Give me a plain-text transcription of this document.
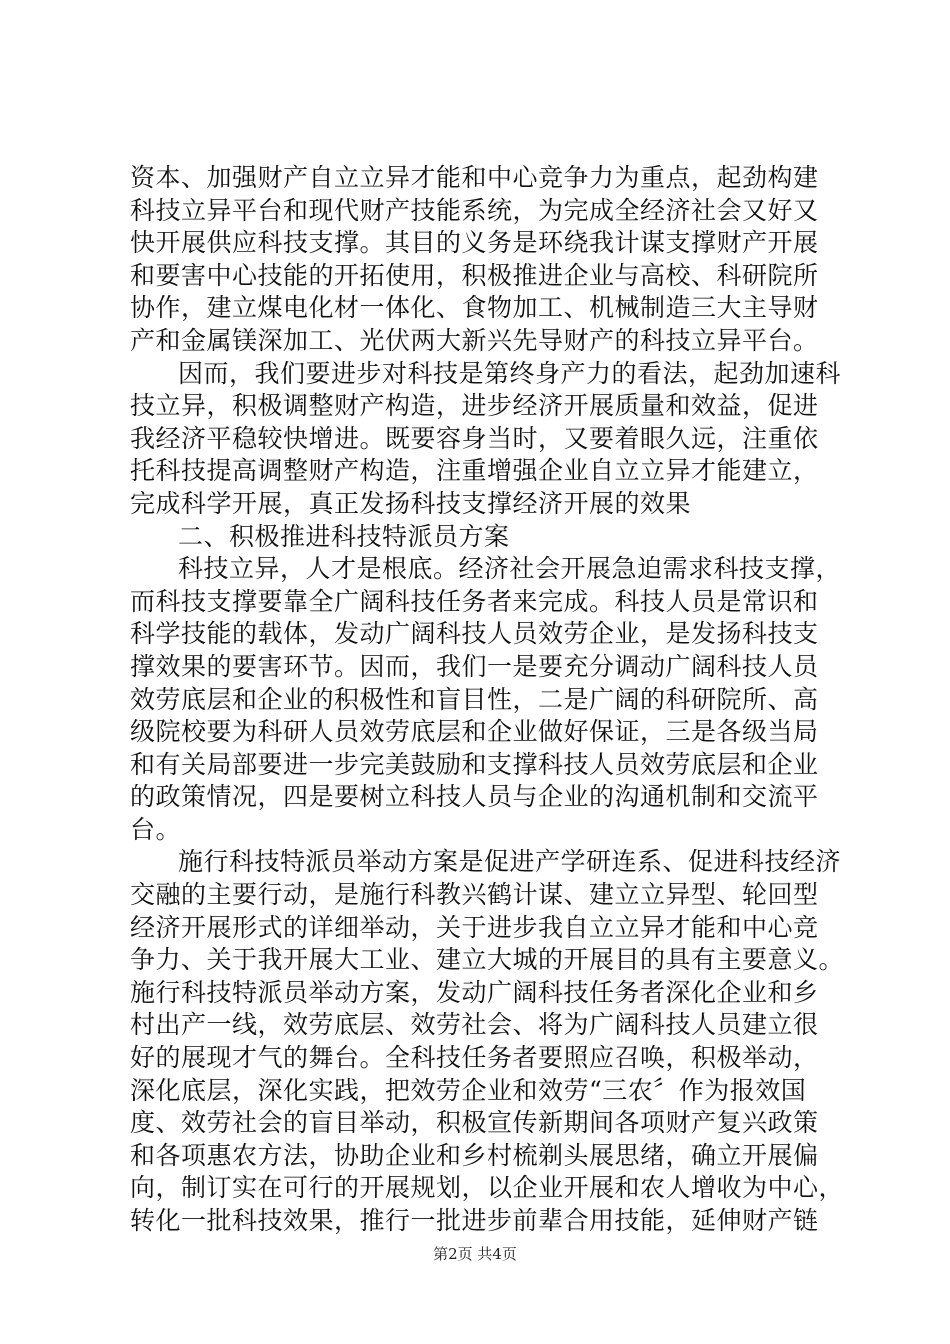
资本、加强财产自立立异才能和中心竞争力为重点，起劲构建
科技立异平台和现代财产技能系统，为完成全经济社会又好又
快开展供应科技支撑。其目的义务是环绕我计谋支撑财产开展
和要害中心技能的开拓使用，积极推进企业与高校、科研院所
协作，建立煤电化材一体化、食物加工、机械制造三大主导财
产和金属镁深加工、光伏两大新兴先导财产的科技立异平台。
因而，我们要进步对科技是第终身产力的看法，起劲加速科
技立异，积极调整财产构造，进步经济开展质量和效益，促进
我经济平稳较快增进。既要容身当时，又要着眼久远，注重依
托科技提高调整财产构造，注重增强企业自立立异才能建立，
完成科学开展，真正发扬科技支撑经济开展的效果
二、积极推进科技特派员方案
科技立异，人才是根底。经济社会开展急迫需求科技支撑，
而科技支撑要靠全广阔科技任务者来完成。科技人员是常识和
科学技能的载体，发动广阔科技人员效劳企业，是发扬科技支
撑效果的要害环节。因而，我们一是要充分调动广阔科技人员
效劳底层和企业的积极性和盲目性，二是广阔的科研院所、高
级院校要为科研人员效劳底层和企业做好保证，三是各级当局
和有关局部要进一步完美鼓励和支撑科技人员效劳底层和企业
的政策情况，四是要树立科技人员与企业的沟通机制和交流平
台。
施行科技特派员举动方案是促进产学研连系、促进科技经济
交融的主要行动，是施行科教兴鹤计谋、建立立异型、轮回型
经济开展形式的详细举动，关于进步我自立立异才能和中心竞
争力、关于我开展大工业、建立大城的开展目的具有主要意义。
施行科技特派员举动方案，发动广阔科技任务者深化企业和乡
村出产一线，效劳底层、效劳社会、将为广阔科技人员建立很
好的展现才气的舞台。全科技任务者要照应召唤，积极举动，
深化底层，深化实践，把效劳企业和效劳“三农〞作为报效国
度、效劳社会的盲目举动，积极宣传新期间各项财产复兴政策
和各项惠农方法，协助企业和乡村梳剃头展思绪，确立开展偏
向，制订实在可行的开展规划，以企业开展和农人增收为中心，
转化一批科技效果，推行一批进步前辈合用技能，延伸财产链
第2页 共4页
